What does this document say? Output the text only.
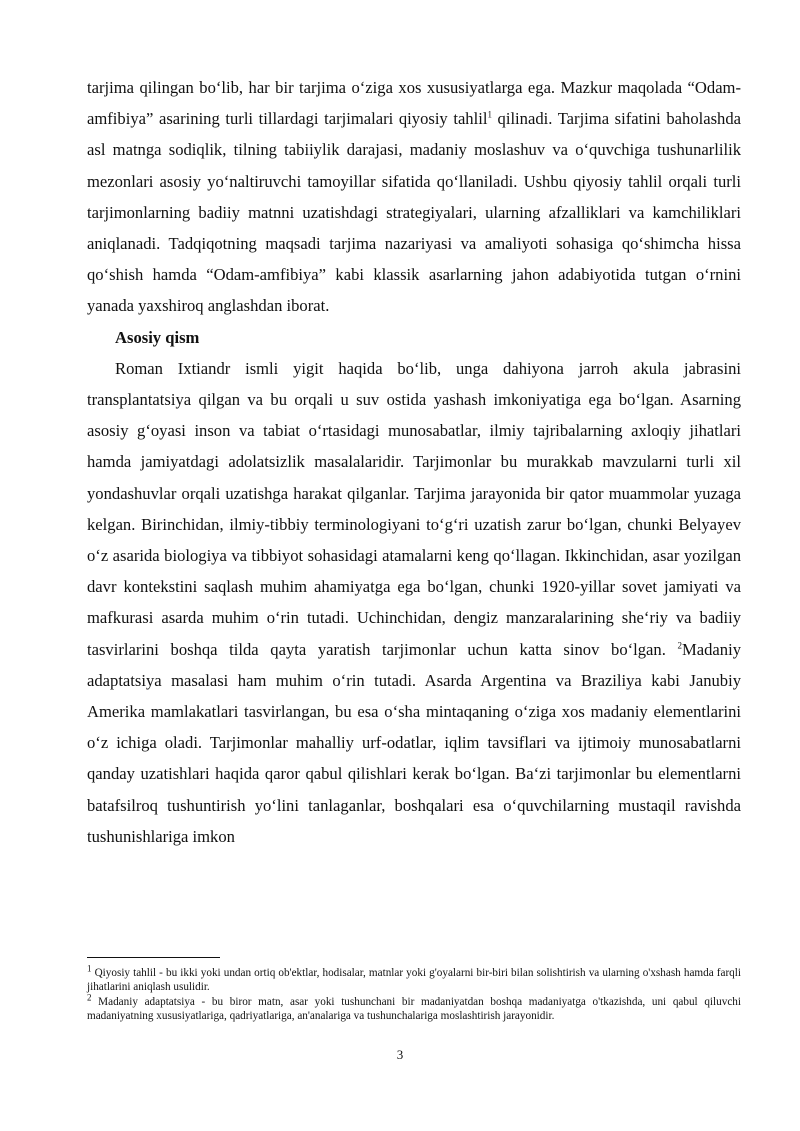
tarjima qilingan bo‘lib, har bir tarjima o‘ziga xos xususiyatlarga ega. Mazkur maqolada “Odam-amfibiya” asarining turli tillardagi tarjimalari qiyosiy tahlil$^1$ qilinadi. Tarjima sifatini baholashda asl matnga sodiqlik, tilning tabiiylik darajasi, madaniy moslashuv va o‘quvchiga tushunarlilik mezonlari asosiy yo‘naltiruvchi tamoyillar sifatida qo‘llaniladi. Ushbu qiyosiy tahlil orqali turli tarjimonlarning badiiy matnni uzatishdagi strategiyalari, ularning afzalliklari va kamchiliklari aniqlanadi. Tadqiqotning maqsadi tarjima nazariyasi va amaliyoti sohasiga qo‘shimcha hissa qo‘shish hamda “Odam-amfibiya” kabi klassik asarlarning jahon adabiyotida tutgan o‘rnini yanada yaxshiroq anglashdan iborat.

Asosiy qism

Roman Ixtiandr ismli yigit haqida bo‘lib, unga dahiyona jarroh akula jabrasini transplantatsiya qilgan va bu orqali u suv ostida yashash imkoniyatiga ega bo‘lgan. Asarning asosiy g‘oyasi inson va tabiat o‘rtasidagi munosabatlar, ilmiy tajribalarning axloqiy jihatlari hamda jamiyatdagi adolatsizlik masalalaridir. Tarjimonlar bu murakkab mavzularni turli xil yondashuvlar orqali uzatishga harakat qilganlar. Tarjima jarayonida bir qator muammolar yuzaga kelgan. Birinchidan, ilmiy-tibbiy terminologiyani to‘g‘ri uzatish zarur bo‘lgan, chunki Belyayev o‘z asarida biologiya va tibbiyot sohasidagi atamalarni keng qo‘llagan. Ikkinchidan, asar yozilgan davr kontekstini saqlash muhim ahamiyatga ega bo‘lgan, chunki 1920-yillar sovet jamiyati va mafkurasi asarda muhim o‘rin tutadi. Uchinchidan, dengiz manzaralarining she‘riy va badiiy tasvirlarini boshqa tilda qayta yaratish tarjimonlar uchun katta sinov bo‘lgan. $^2$Madaniy adaptatsiya masalasi ham muhim o‘rin tutadi. Asarda Argentina va Braziliya kabi Janubiy Amerika mamlakatlari tasvirlangan, bu esa o‘sha mintaqaning o‘ziga xos madaniy elementlarini o‘z ichiga oladi. Tarjimonlar mahalliy urf-odatlar, iqlim tavsiflari va ijtimoiy munosabatlarni qanday uzatishlari haqida qaror qabul qilishlari kerak bo‘lgan. Ba‘zi tarjimonlar bu elementlarni batafsilroq tushuntirish yo‘lini tanlaganlar, boshqalari esa o‘quvchilarning mustaqil ravishda tushunishlariga imkon

$^1$ Qiyosiy tahlil - bu ikki yoki undan ortiq ob'ektlar, hodisalar, matnlar yoki g'oyalarni bir-biri bilan solishtirish va ularning o'xshash hamda farqli jihatlarini aniqlash usulidir.

$^2$ Madaniy adaptatsiya - bu biror matn, asar yoki tushunchani bir madaniyatdan boshqa madaniyatga o'tkazishda, uni qabul qiluvchi madaniyatning xususiyatlariga, qadriyatlariga, an'analariga va tushunchalariga moslashtirish jarayonidir.

3
